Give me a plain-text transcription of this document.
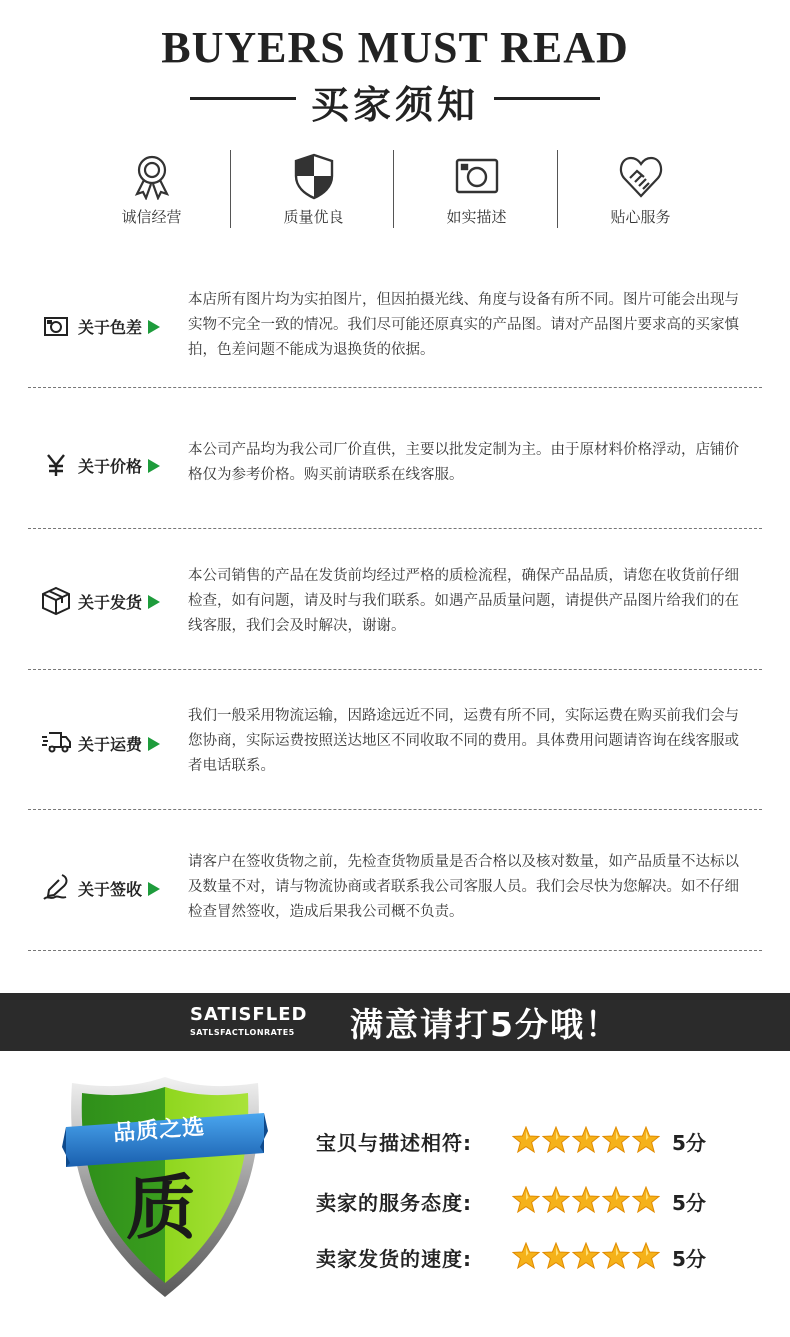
BUYERS MUST READ
买家须知
诚信经营	质量优良	如实描述	贴心服务
关于色差
本店所有图片均为实拍图片，但因拍摄光线、角度与设备有所不同。图片可能会出现与实物不完全一致的情况。我们尽可能还原真实的产品图。请对产品图片要求高的买家慎拍，色差问题不能成为退换货的依据。
关于价格
本公司产品均为我公司厂价直供，主要以批发定制为主。由于原材料价格浮动，店铺价格仅为参考价格。购买前请联系在线客服。
关于发货
本公司销售的产品在发货前均经过严格的质检流程，确保产品品质，请您在收货前仔细检查，如有问题，请及时与我们联系。如遇产品质量问题，请提供产品图片给我们的在线客服，我们会及时解决，谢谢。
关于运费
我们一般采用物流运输，因路途远近不同，运费有所不同，实际运费在购买前我们会与您协商，实际运费按照送达地区不同收取不同的费用。具体费用问题请咨询在线客服或者电话联系。
关于签收
请客户在签收货物之前，先检查货物质量是否合格以及核对数量，如产品质量不达标以及数量不对，请与物流协商或者联系我公司客服人员。我们会尽快为您解决。如不仔细检查冒然签收，造成后果我公司概不负责。
SATISFLED
SATLSFACTLONRATE5 满意请打5分哦！
品质之选
质
宝贝与描述相符:	5分
卖家的服务态度:	5分
卖家发货的速度:	5分
